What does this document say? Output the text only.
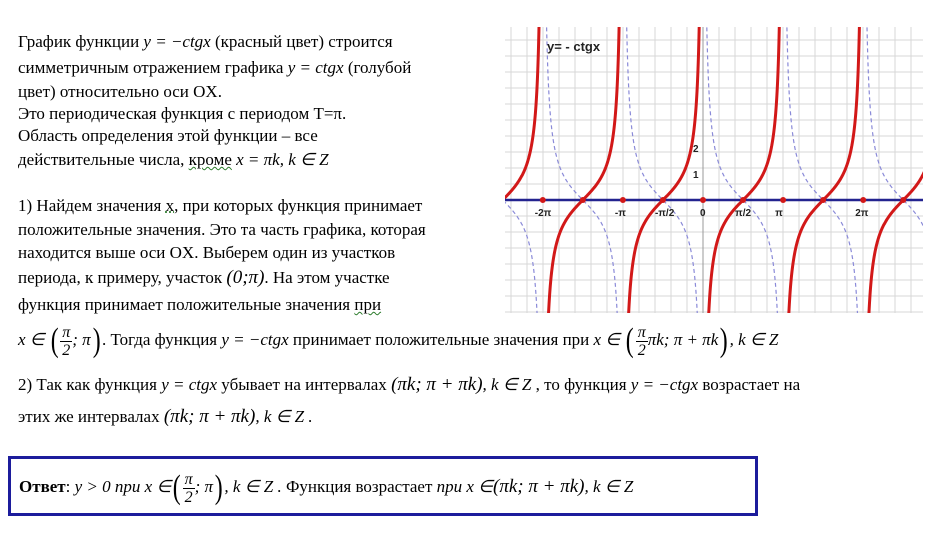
График функции y = −ctgx (красный цвет) строится
симметричным отражением графика y = ctgx (голубой
цвет) относительно оси OX.
Это периодическая функция с периодом Т=π.
Область определения этой функции – все
действительные числа, кроме x = πk, k ∈ Z
1) Найдем значения х, при которых функция принимает
положительные значения. Это та часть графика, которая
находится выше оси OX. Выберем один из участков
периода, к примеру, участок (0;π). На этом участке
функция принимает положительные значения при
x ∈ ( $\frac{\pi}{2}$ ; π). Тогда функция y = −ctgx принимает положительные значения при x ∈ ( $\frac{\pi}{2} \pi k$; π + πk), k ∈ Z
2) Так как функция y = ctgx убывает на интервалах (πk; π + πk), k ∈ Z , то функция y = −ctgx возрастает на
этих же интервалах (πk; π + πk), k ∈ Z .
Ответ: y > 0 при x ∈( $\frac{\pi}{2}$ ; π), k ∈ Z . Функция возрастает при x ∈(πk; π + πk), k ∈ Z
-2π	-π	-π/2	0	π/2 π	2π
2
1
y= - ctgx
